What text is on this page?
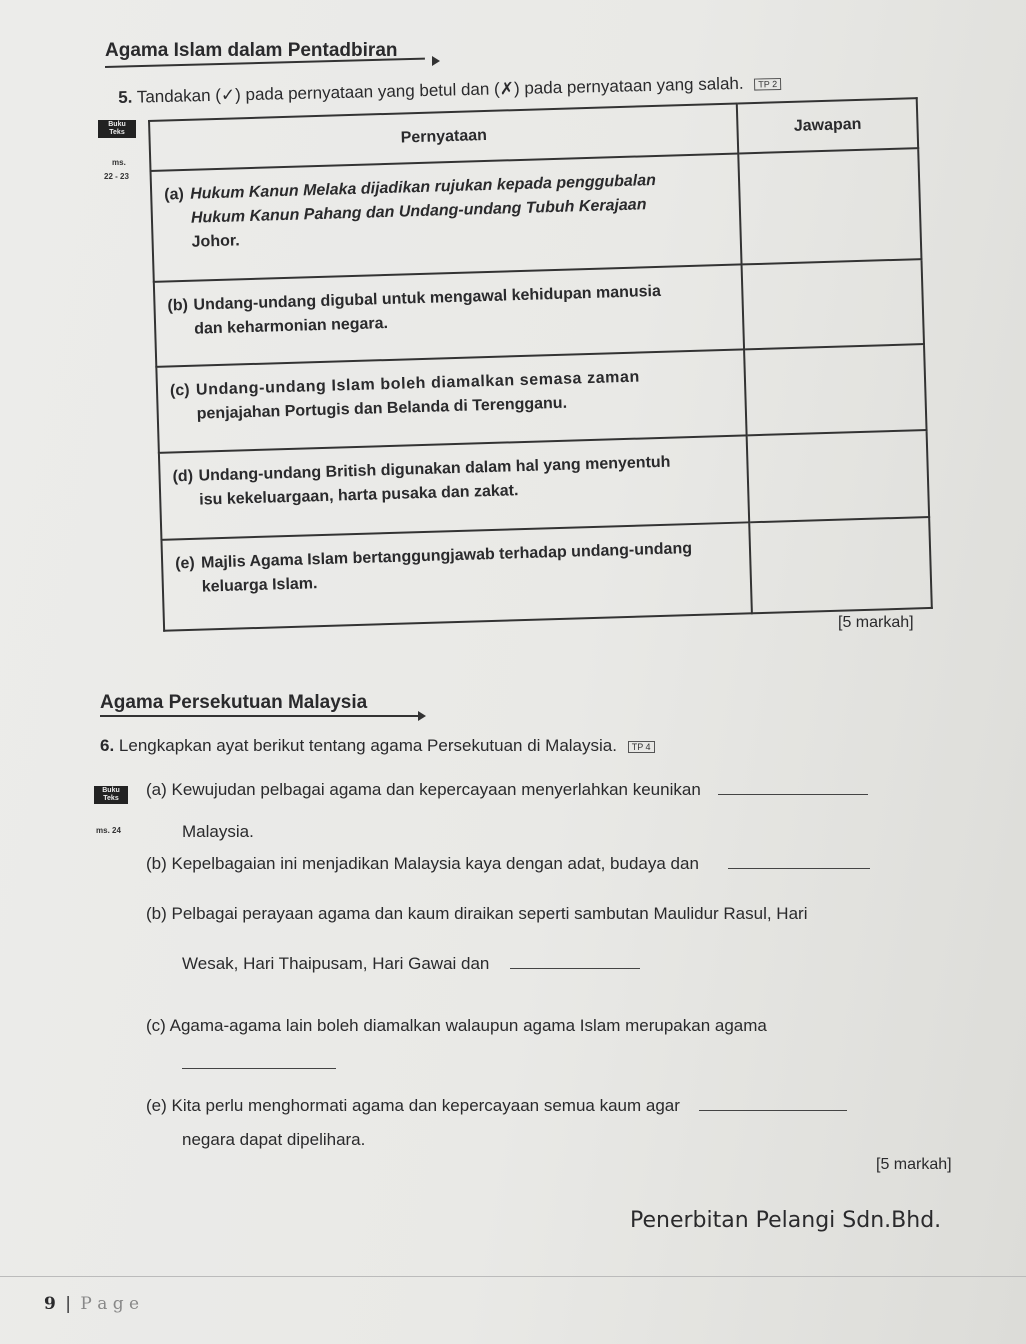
Agama Islam dalam Pentadbiran
5. Tandakan (✓) pada pernyataan yang betul dan (✗) pada pernyataan yang salah. TP 2
Buku
Teks
ms.
22 - 23
Pernyataan	Jawapan
(a) Hukum Kanun Melaka dijadikan rujukan kepada penggubalan
Hukum Kanun Pahang dan Undang-undang Tubuh Kerajaan
Johor.	
(b) Undang-undang digubal untuk mengawal kehidupan manusia
dan keharmonian negara.	
(c) Undang-undang Islam boleh diamalkan semasa zaman
penjajahan Portugis dan Belanda di Terengganu.	
(d) Undang-undang British digunakan dalam hal yang menyentuh
isu kekeluargaan, harta pusaka dan zakat.	
(e) Majlis Agama Islam bertanggungjawab terhadap undang-undang
keluarga Islam.	
[5 markah]
Agama Persekutuan Malaysia
6. Lengkapkan ayat berikut tentang agama Persekutuan di Malaysia. TP 4
Buku
Teks
ms. 24
(a) Kewujudan pelbagai agama dan kepercayaan menyerlahkan keunikan
Malaysia.
(b) Kepelbagaian ini menjadikan Malaysia kaya dengan adat, budaya dan
(b) Pelbagai perayaan agama dan kaum diraikan seperti sambutan Maulidur Rasul, Hari
Wesak, Hari Thaipusam, Hari Gawai dan
(c) Agama-agama lain boleh diamalkan walaupun agama Islam merupakan agama
(e) Kita perlu menghormati agama dan kepercayaan semua kaum agar
negara dapat dipelihara.
[5 markah]
Penerbitan Pelangi Sdn.Bhd.
9 | P a g e
